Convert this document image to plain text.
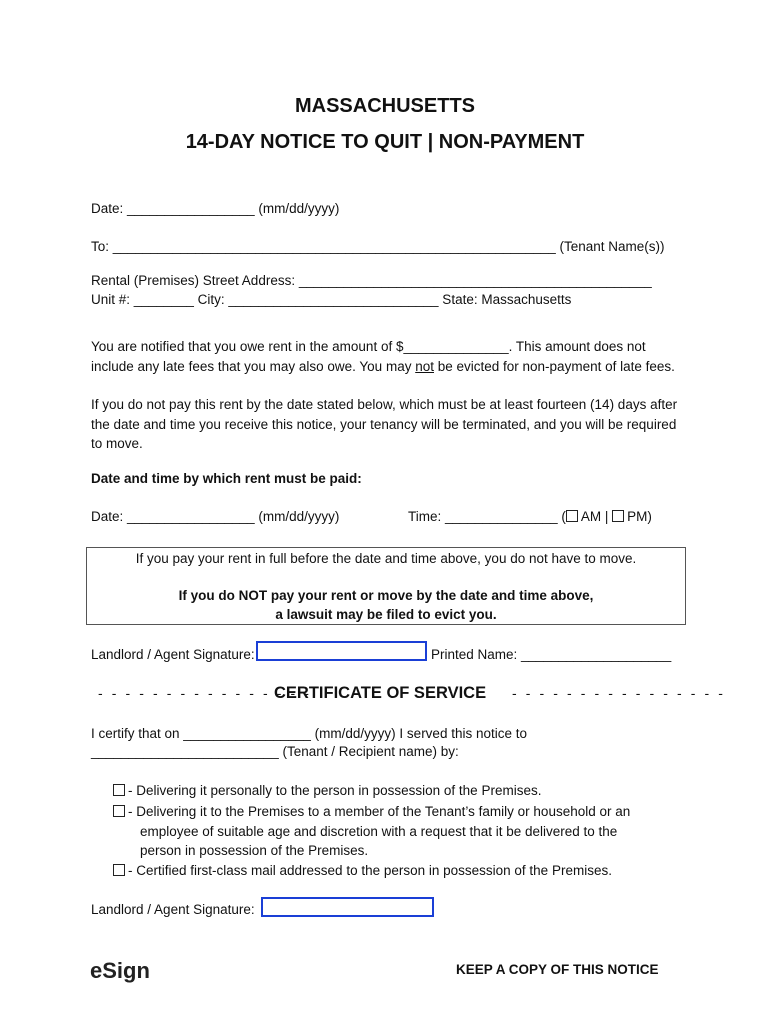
MASSACHUSETTS
14-DAY NOTICE TO QUIT | NON-PAYMENT
Date: _________________ (mm/dd/yyyy)
To: ___________________________________________________________ (Tenant Name(s))
Rental (Premises) Street Address: _______________________________________________
Unit #: ________ City: ____________________________ State: Massachusetts
You are notified that you owe rent in the amount of $______________. This amount does not include any late fees that you may also owe. You may not be evicted for non-payment of late fees.
If you do not pay this rent by the date stated below, which must be at least fourteen (14) days after the date and time you receive this notice, your tenancy will be terminated, and you will be required to move.
Date and time by which rent must be paid:
Date: _________________ (mm/dd/yyyy)	Time: _______________ ( AM | PM)
If you pay your rent in full before the date and time above, you do not have to move.
If you do NOT pay your rent or move by the date and time above,
a lawsuit may be filed to evict you.
Landlord / Agent Signature:	Printed Name: ____________________
- - - - - - - - - - - - - - - -
CERTIFICATE OF SERVICE - - - - - - - - - - - - - - - -
I certify that on _________________ (mm/dd/yyyy) I served this notice to
_________________________ (Tenant / Recipient name) by:
- Delivering it personally to the person in possession of the Premises.
- Delivering it to the Premises to a member of the Tenant’s family or household or an
employee of suitable age and discretion with a request that it be delivered to the
person in possession of the Premises.
- Certified first-class mail addressed to the person in possession of the Premises.
Landlord / Agent Signature:
eSign	KEEP A COPY OF THIS NOTICE
